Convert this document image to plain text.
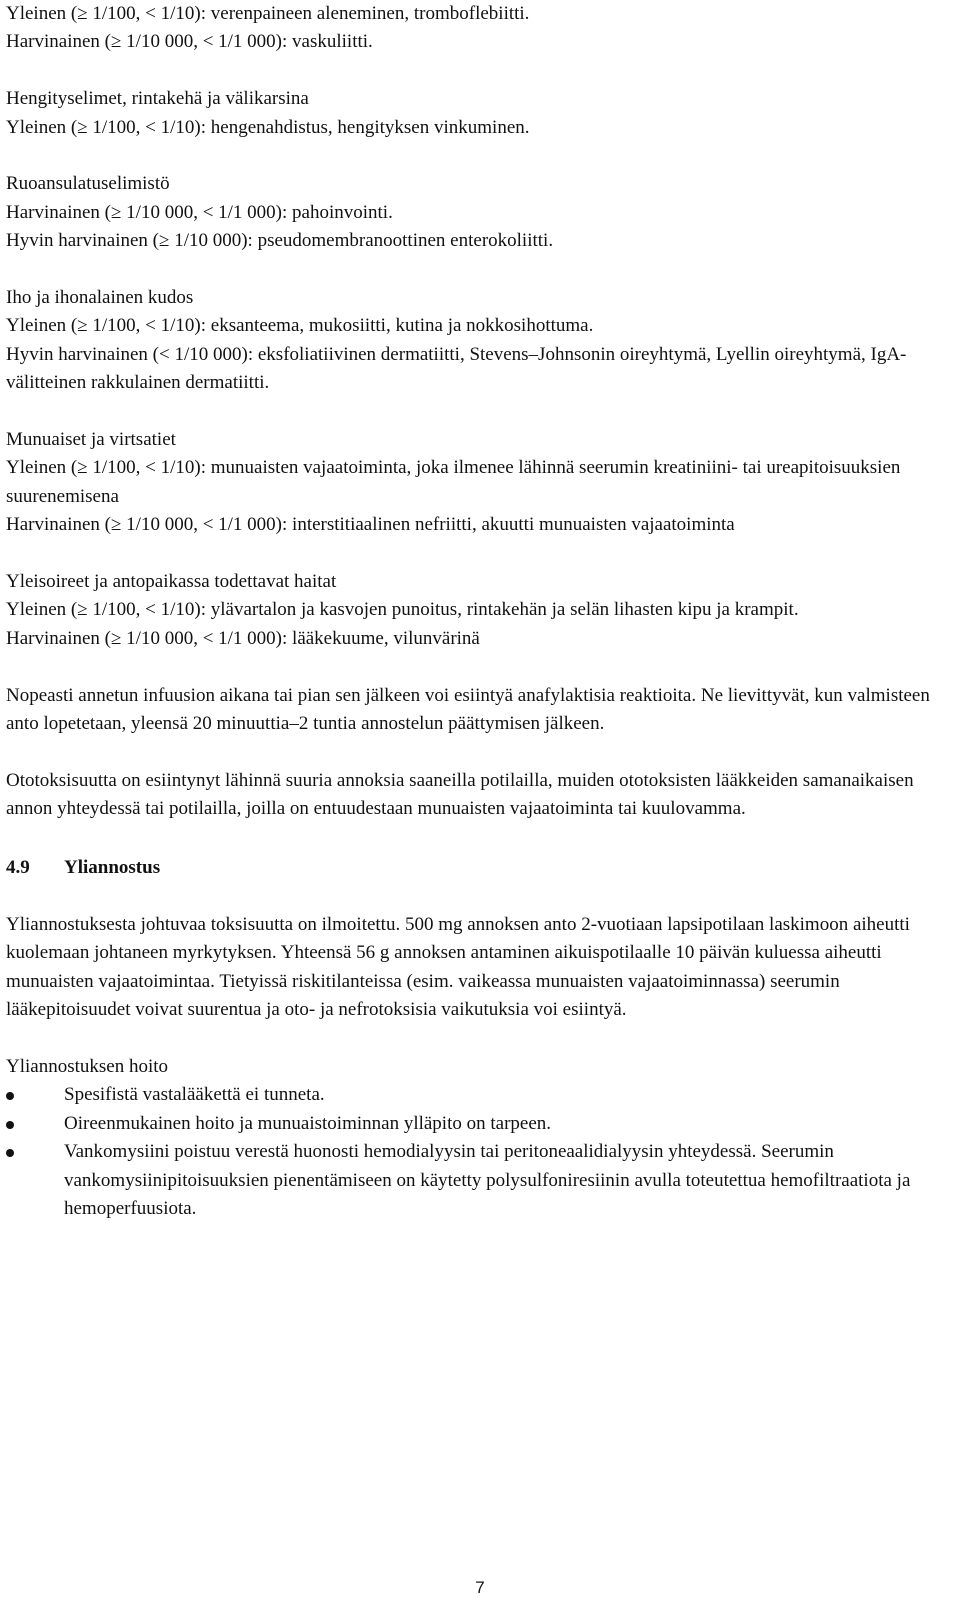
Yleinen (≥ 1/100, < 1/10): verenpaineen aleneminen, tromboflebiitti.

Harvinainen (≥ 1/10 000, < 1/1 000): vaskuliitti.

Hengityselimet, rintakehä ja välikarsina

Yleinen (≥ 1/100, < 1/10): hengenahdistus, hengityksen vinkuminen.

Ruoansulatuselimistö

Harvinainen (≥ 1/10 000, < 1/1 000): pahoinvointi.

Hyvin harvinainen (≥ 1/10 000): pseudomembranoottinen enterokoliitti.

Iho ja ihonalainen kudos

Yleinen (≥ 1/100, < 1/10): eksanteema, mukosiitti, kutina ja nokkosihottuma.

Hyvin harvinainen (< 1/10 000): eksfoliatiivinen dermatiitti, Stevens–Johnsonin oireyhtymä, Lyellin oireyhtymä, IgA-välitteinen rakkulainen dermatiitti.

Munuaiset ja virtsatiet

Yleinen (≥ 1/100, < 1/10): munuaisten vajaatoiminta, joka ilmenee lähinnä seerumin kreatiniini- tai ureapitoisuuksien suurenemisena

Harvinainen (≥ 1/10 000, < 1/1 000): interstitiaalinen nefriitti, akuutti munuaisten vajaatoiminta

Yleisoireet ja antopaikassa todettavat haitat

Yleinen (≥ 1/100, < 1/10): ylävartalon ja kasvojen punoitus, rintakehän ja selän lihasten kipu ja krampit.

Harvinainen (≥ 1/10 000, < 1/1 000): lääkekuume, vilunvärinä

Nopeasti annetun infuusion aikana tai pian sen jälkeen voi esiintyä anafylaktisia reaktioita. Ne lievittyvät, kun valmisteen anto lopetetaan, yleensä 20 minuuttia–2 tuntia annostelun päättymisen jälkeen.

Ototoksisuutta on esiintynyt lähinnä suuria annoksia saaneilla potilailla, muiden ototoksisten lääkkeiden samanaikaisen annon yhteydessä tai potilailla, joilla on entuudestaan munuaisten vajaatoiminta tai kuulovamma.

4.9 Yliannostus

Yliannostuksesta johtuvaa toksisuutta on ilmoitettu. 500 mg annoksen anto 2-vuotiaan lapsipotilaan laskimoon aiheutti kuolemaan johtaneen myrkytyksen. Yhteensä 56 g annoksen antaminen aikuispotilaalle 10 päivän kuluessa aiheutti munuaisten vajaatoimintaa. Tietyissä riskitilanteissa (esim. vaikeassa munuaisten vajaatoiminnassa) seerumin lääkepitoisuudet voivat suurentua ja oto- ja nefrotoksisia vaikutuksia voi esiintyä.

Yliannostuksen hoito

Spesifistä vastalääkettä ei tunneta.
Oireenmukainen hoito ja munuaistoiminnan ylläpito on tarpeen.
Vankomysiini poistuu verestä huonosti hemodialyysin tai peritoneaalidialyysin yhteydessä. Seerumin vankomysiinipitoisuuksien pienentämiseen on käytetty polysulfoniresiinin avulla toteutettua hemofiltraatiota ja hemoperfuusiota.
7
